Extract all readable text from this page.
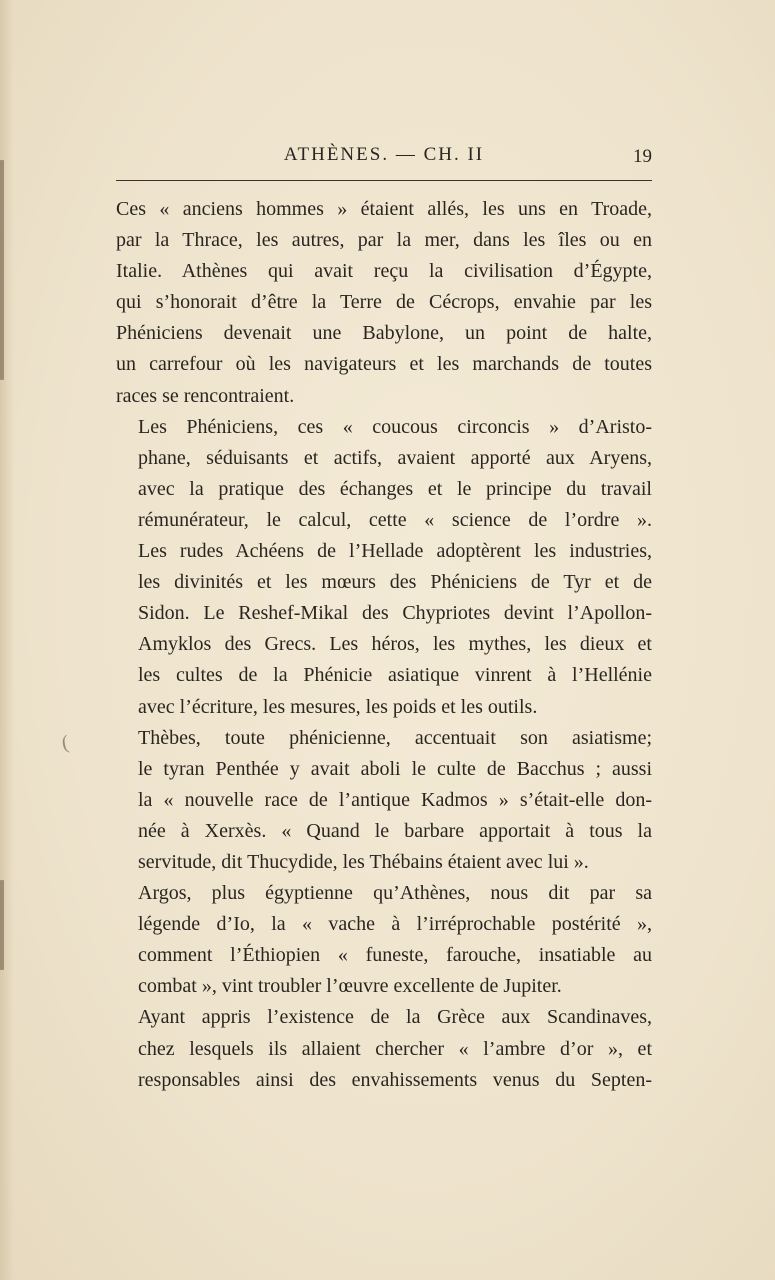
ATHÈNES. — CH. II	19
(
Ces « anciens hommes » étaient allés, les uns en Troade,
par la Thrace, les autres, par la mer, dans les îles ou en
Italie. Athènes qui avait reçu la civilisation d’Égypte,
qui s’honorait d’être la Terre de Cécrops, envahie par les
Phéniciens devenait une Babylone, un point de halte,
un carrefour où les navigateurs et les marchands de toutes
races se rencontraient.
Les Phéniciens, ces « coucous circoncis » d’Aristo-
phane, séduisants et actifs, avaient apporté aux Aryens,
avec la pratique des échanges et le principe du travail
rémunérateur, le calcul, cette « science de l’ordre ».
Les rudes Achéens de l’Hellade adoptèrent les industries,
les divinités et les mœurs des Phéniciens de Tyr et de
Sidon. Le Reshef-Mikal des Chypriotes devint l’Apollon-
Amyklos des Grecs. Les héros, les mythes, les dieux et
les cultes de la Phénicie asiatique vinrent à l’Hellénie
avec l’écriture, les mesures, les poids et les outils.
Thèbes, toute phénicienne, accentuait son asiatisme;
le tyran Penthée y avait aboli le culte de Bacchus ; aussi
la « nouvelle race de l’antique Kadmos » s’était-elle don-
née à Xerxès. « Quand le barbare apportait à tous la
servitude, dit Thucydide, les Thébains étaient avec lui ».
Argos, plus égyptienne qu’Athènes, nous dit par sa
légende d’Io, la « vache à l’irréprochable postérité »,
comment l’Éthiopien « funeste, farouche, insatiable au
combat », vint troubler l’œuvre excellente de Jupiter.
Ayant appris l’existence de la Grèce aux Scandinaves,
chez lesquels ils allaient chercher « l’ambre d’or », et
responsables ainsi des envahissements venus du Septen-
